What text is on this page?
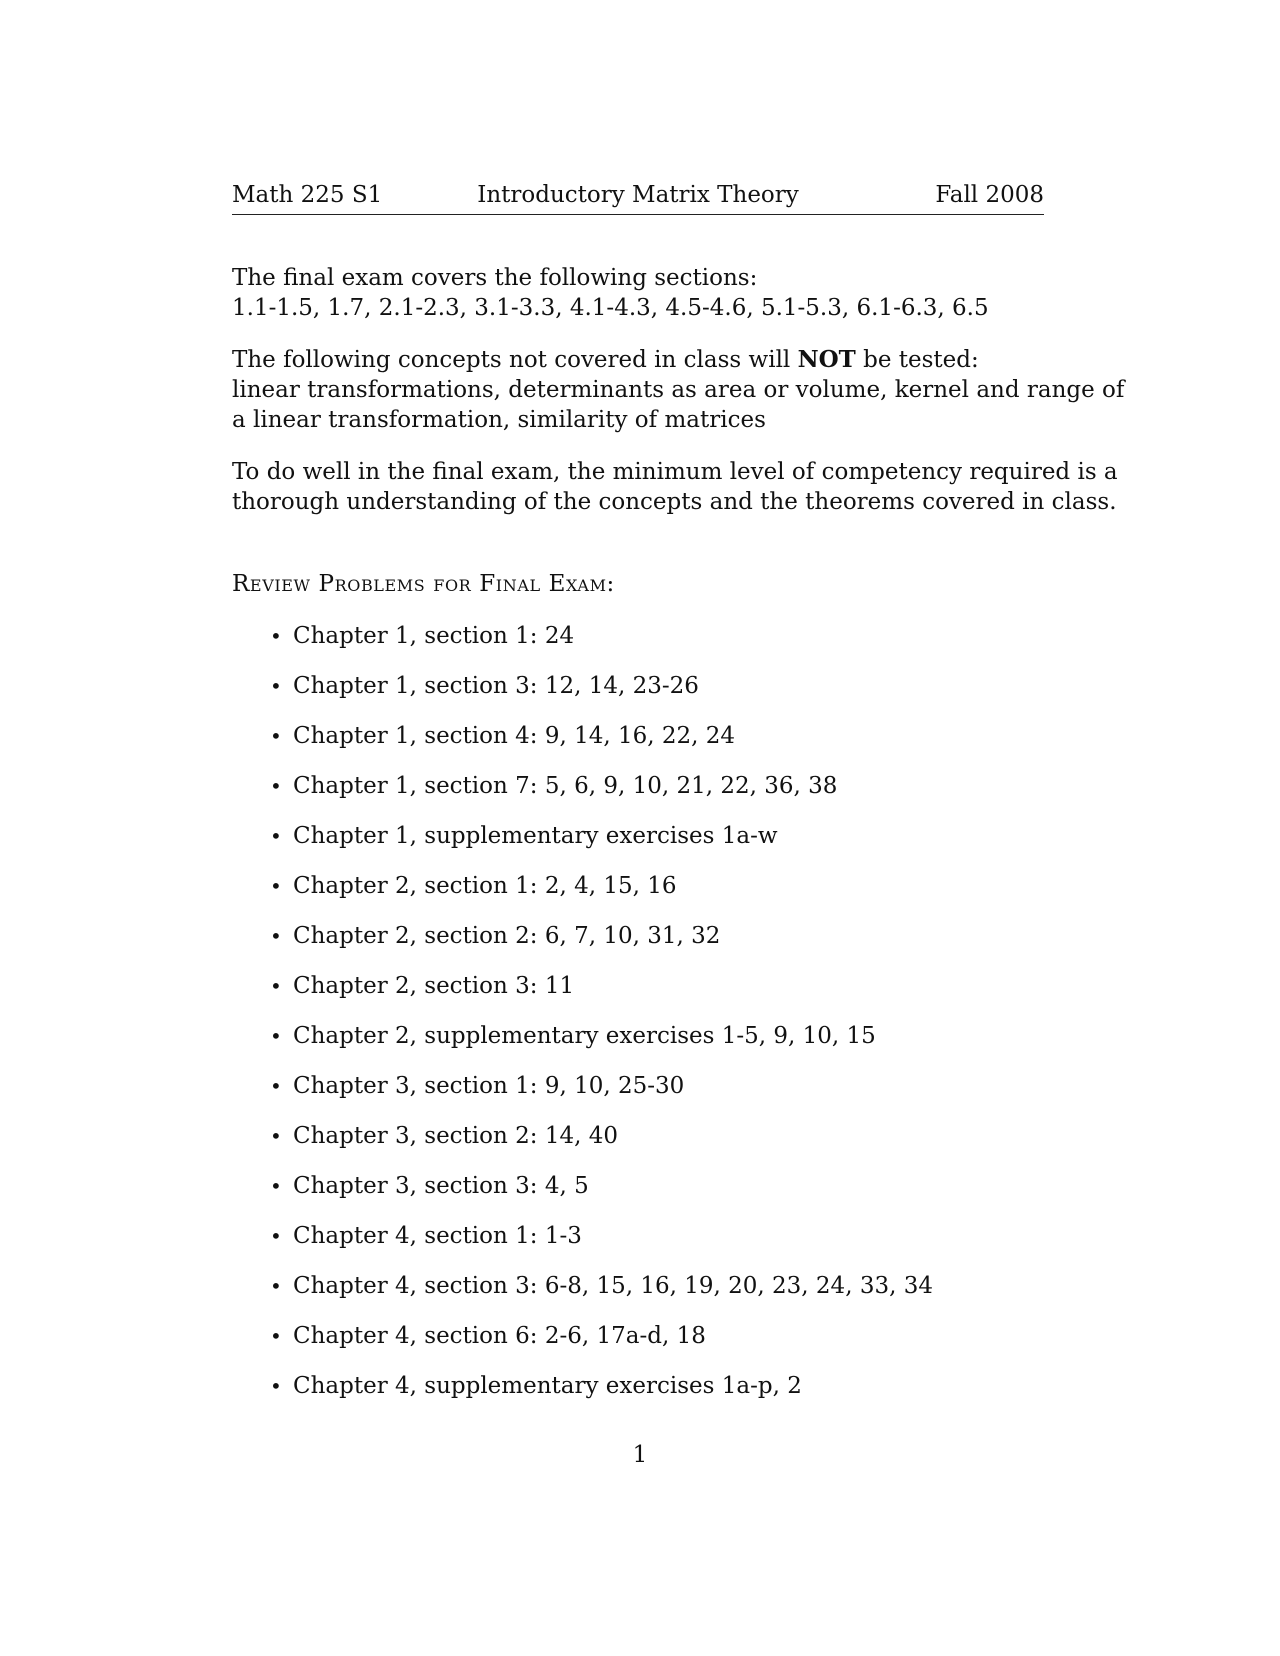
Math 225 S1	Introductory Matrix Theory	Fall 2008

The final exam covers the following sections:
1.1-1.5, 1.7, 2.1-2.3, 3.1-3.3, 4.1-4.3, 4.5-4.6, 5.1-5.3, 6.1-6.3, 6.5

The following concepts not covered in class will NOT be tested:
linear transformations, determinants as area or volume, kernel and range of
a linear transformation, similarity of matrices

To do well in the final exam, the minimum level of competency required is a
thorough understanding of the concepts and the theorems covered in class.

Review Problems for Final Exam:
• Chapter 1, section 1: 24
• Chapter 1, section 3: 12, 14, 23-26
• Chapter 1, section 4: 9, 14, 16, 22, 24
• Chapter 1, section 7: 5, 6, 9, 10, 21, 22, 36, 38
• Chapter 1, supplementary exercises 1a-w
• Chapter 2, section 1: 2, 4, 15, 16
• Chapter 2, section 2: 6, 7, 10, 31, 32
• Chapter 2, section 3: 11
• Chapter 2, supplementary exercises 1-5, 9, 10, 15
• Chapter 3, section 1: 9, 10, 25-30
• Chapter 3, section 2: 14, 40
• Chapter 3, section 3: 4, 5
• Chapter 4, section 1: 1-3
• Chapter 4, section 3: 6-8, 15, 16, 19, 20, 23, 24, 33, 34
• Chapter 4, section 6: 2-6, 17a-d, 18
• Chapter 4, supplementary exercises 1a-p, 2
1
